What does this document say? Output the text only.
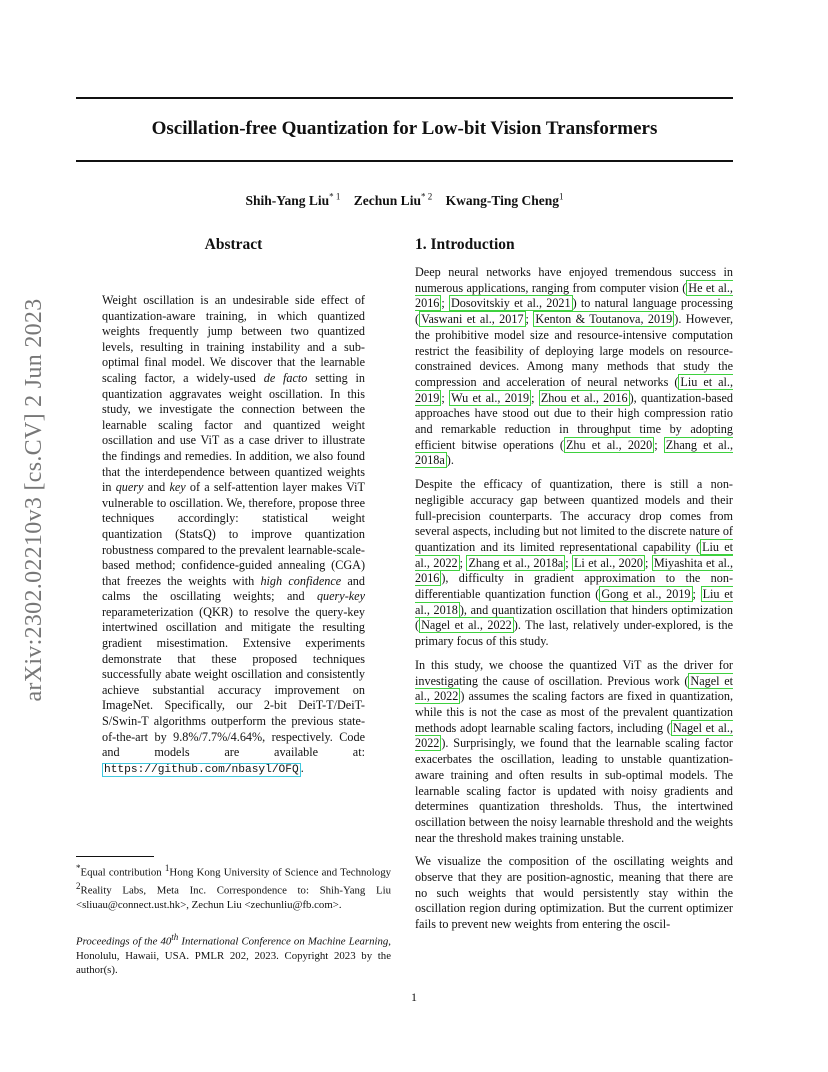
arXiv:2302.02210v3 [cs.CV] 2 Jun 2023
Oscillation-free Quantization for Low-bit Vision Transformers
Shih-Yang Liu$^{* 1}$ Zechun Liu$^{* 2}$ Kwang-Ting Cheng$^1$
Abstract

Weight oscillation is an undesirable side effect of quantization-aware training, in which quantized weights frequently jump between two quantized levels, resulting in training instability and a sub-optimal final model. We discover that the learnable scaling factor, a widely-used de facto setting in quantization aggravates weight oscillation. In this study, we investigate the connection between the learnable scaling factor and quantized weight oscillation and use ViT as a case driver to illustrate the findings and remedies. In addition, we also found that the interdependence between quantized weights in query and key of a self-attention layer makes ViT vulnerable to oscillation. We, therefore, propose three techniques accordingly: statistical weight quantization (StatsQ) to improve quantization robustness compared to the prevalent learnable-scale-based method; confidence-guided annealing (CGA) that freezes the weights with high confidence and calms the oscillating weights; and query-key reparameterization (QKR) to resolve the query-key intertwined oscillation and mitigate the resulting gradient misestimation. Extensive experiments demonstrate that these proposed techniques successfully abate weight oscillation and consistently achieve substantial accuracy improvement on ImageNet. Specifically, our 2-bit DeiT-T/DeiT-S/Swin-T algorithms outperform the previous state-of-the-art by 9.8%/7.7%/4.64%, respectively. Code and models are available at: https://github.com/nbasyl/OFQ .

*Equal contribution $^1$Hong Kong University of Science and Technology $^2$Reality Labs, Meta Inc. Correspondence to: Shih-Yang Liu <sliuau@connect.ust.hk>, Zechun Liu <zechunliu@fb.com>.
Proceedings of the 40th International Conference on Machine Learning, Honolulu, Hawaii, USA. PMLR 202, 2023. Copyright 2023 by the author(s).
1. Introduction

Deep neural networks have enjoyed tremendous success in numerous applications, ranging from computer vision ( He et al., 2016 ; Dosovitskiy et al., 2021 ) to natural language processing ( Vaswani et al., 2017 ; Kenton & Toutanova, 2019 ). However, the prohibitive model size and resource-intensive computation restrict the feasibility of deploying large models on resource-constrained devices. Among many methods that study the compression and acceleration of neural networks ( Liu et al., 2019 ; Wu et al., 2019 ; Zhou et al., 2016 ), quantization-based approaches have stood out due to their high compression ratio and remarkable reduction in throughput time by adopting efficient bitwise operations ( Zhu et al., 2020 ; Zhang et al., 2018a ).

Despite the efficacy of quantization, there is still a non-negligible accuracy gap between quantized models and their full-precision counterparts. The accuracy drop comes from several aspects, including but not limited to the discrete nature of quantization and its limited representational capability ( Liu et al., 2022 ; Zhang et al., 2018a ; Li et al., 2020 ; Miyashita et al., 2016 ), difficulty in gradient approximation to the non-differentiable quantization function ( Gong et al., 2019 ; Liu et al., 2018 ), and quantization oscillation that hinders optimization ( Nagel et al., 2022 ). The last, relatively under-explored, is the primary focus of this study.

In this study, we choose the quantized ViT as the driver for investigating the cause of oscillation. Previous work ( Nagel et al., 2022 ) assumes the scaling factors are fixed in quantization, while this is not the case as most of the prevalent quantization methods adopt learnable scaling factors, including ( Nagel et al., 2022 ). Surprisingly, we found that the learnable scaling factor exacerbates the oscillation, leading to unstable quantization-aware training and often results in sub-optimal models. The learnable scaling factor is updated with noisy gradients and determines quantization thresholds. Thus, the intertwined oscillation between the noisy learnable threshold and the weights near the threshold makes training unstable.

We visualize the composition of the oscillating weights and observe that they are position-agnostic, meaning that there are no such weights that would persistently stay within the oscillation region during optimization. But the current optimizer fails to prevent new weights from entering the oscil-

1
